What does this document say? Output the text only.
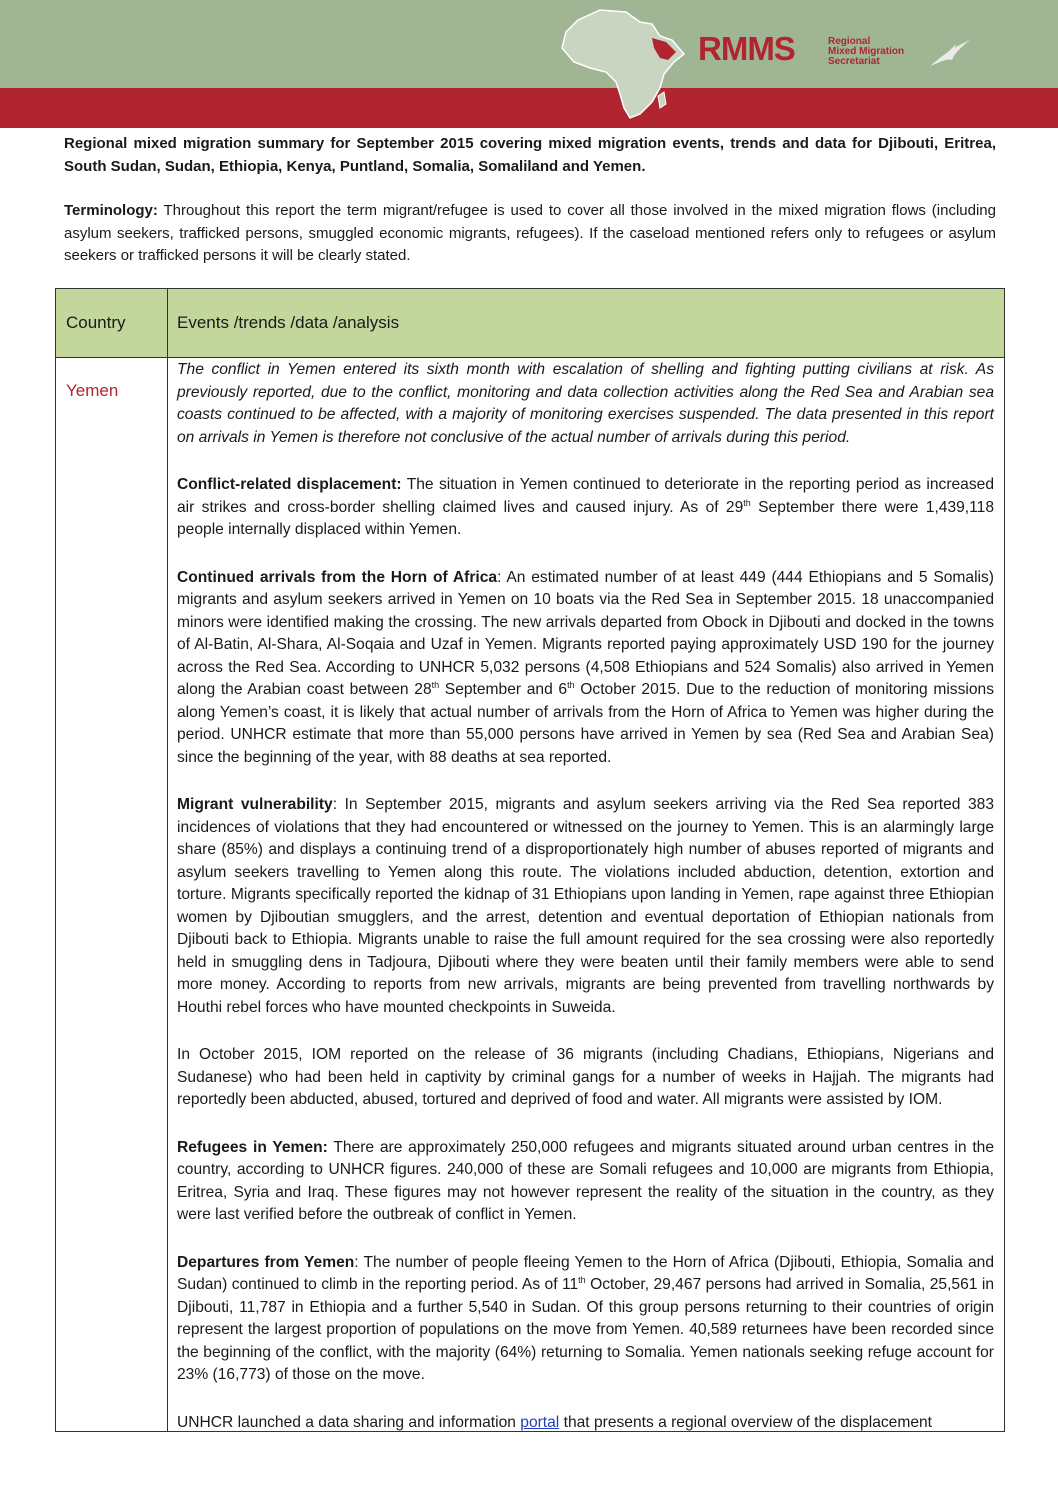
RMMS	Regional
Mixed Migration
Secretariat
Regional mixed migration summary for September 2015 covering mixed migration events, trends and data for Djibouti, Eritrea, South Sudan, Sudan, Ethiopia, Kenya, Puntland, Somalia, Somaliland and Yemen.
Terminology: Throughout this report the term migrant/refugee is used to cover all those involved in the mixed migration flows (including asylum seekers, trafficked persons, smuggled economic migrants, refugees). If the caseload mentioned refers only to refugees or asylum seekers or trafficked persons it will be clearly stated.
Country	Events /trends /data /analysis
Yemen

The conflict in Yemen entered its sixth month with escalation of shelling and fighting putting civilians at risk. As previously reported, due to the conflict, monitoring and data collection activities along the Red Sea and Arabian sea coasts continued to be affected, with a majority of monitoring exercises suspended. The data presented in this report on arrivals in Yemen is therefore not conclusive of the actual number of arrivals during this period.

Conflict-related displacement: The situation in Yemen continued to deteriorate in the reporting period as increased air strikes and cross-border shelling claimed lives and caused injury. As of 29th September there were 1,439,118 people internally displaced within Yemen.

Continued arrivals from the Horn of Africa: An estimated number of at least 449 (444 Ethiopians and 5 Somalis) migrants and asylum seekers arrived in Yemen on 10 boats via the Red Sea in September 2015. 18 unaccompanied minors were identified making the crossing. The new arrivals departed from Obock in Djibouti and docked in the towns of Al-Batin, Al-Shara, Al-Soqaia and Uzaf in Yemen. Migrants reported paying approximately USD 190 for the journey across the Red Sea. According to UNHCR 5,032 persons (4,508 Ethiopians and 524 Somalis) also arrived in Yemen along the Arabian coast between 28th September and 6th October 2015. Due to the reduction of monitoring missions along Yemen’s coast, it is likely that actual number of arrivals from the Horn of Africa to Yemen was higher during the period. UNHCR estimate that more than 55,000 persons have arrived in Yemen by sea (Red Sea and Arabian Sea) since the beginning of the year, with 88 deaths at sea reported.

Migrant vulnerability: In September 2015, migrants and asylum seekers arriving via the Red Sea reported 383 incidences of violations that they had encountered or witnessed on the journey to Yemen. This is an alarmingly large share (85%) and displays a continuing trend of a disproportionately high number of abuses reported of migrants and asylum seekers travelling to Yemen along this route. The violations included abduction, detention, extortion and torture. Migrants specifically reported the kidnap of 31 Ethiopians upon landing in Yemen, rape against three Ethiopian women by Djiboutian smugglers, and the arrest, detention and eventual deportation of Ethiopian nationals from Djibouti back to Ethiopia. Migrants unable to raise the full amount required for the sea crossing were also reportedly held in smuggling dens in Tadjoura, Djibouti where they were beaten until their family members were able to send more money. According to reports from new arrivals, migrants are being prevented from travelling northwards by Houthi rebel forces who have mounted checkpoints in Suweida.

In October 2015, IOM reported on the release of 36 migrants (including Chadians, Ethiopians, Nigerians and Sudanese) who had been held in captivity by criminal gangs for a number of weeks in Hajjah. The migrants had reportedly been abducted, abused, tortured and deprived of food and water. All migrants were assisted by IOM.

Refugees in Yemen: There are approximately 250,000 refugees and migrants situated around urban centres in the country, according to UNHCR figures. 240,000 of these are Somali refugees and 10,000 are migrants from Ethiopia, Eritrea, Syria and Iraq. These figures may not however represent the reality of the situation in the country, as they were last verified before the outbreak of conflict in Yemen.

Departures from Yemen: The number of people fleeing Yemen to the Horn of Africa (Djibouti, Ethiopia, Somalia and Sudan) continued to climb in the reporting period. As of 11th October, 29,467 persons had arrived in Somalia, 25,561 in Djibouti, 11,787 in Ethiopia and a further 5,540 in Sudan. Of this group persons returning to their countries of origin represent the largest proportion of populations on the move from Yemen. 40,589 returnees have been recorded since the beginning of the conflict, with the majority (64%) returning to Somalia. Yemen nationals seeking refuge account for 23% (16,773) of those on the move.

UNHCR launched a data sharing and information portal that presents a regional overview of the displacement
